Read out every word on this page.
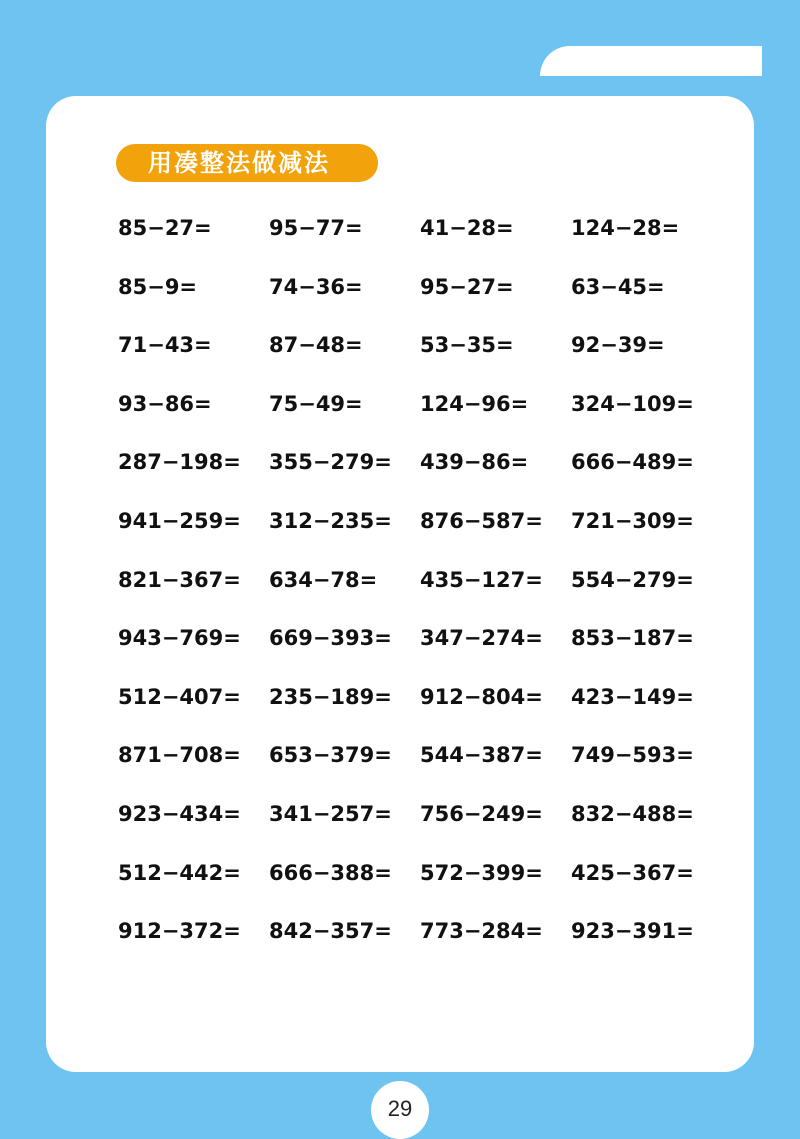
用凑整法做减法
85−27=	95−77=	41−28=	124−28=
85−9=	74−36=	95−27=	63−45=
71−43=	87−48=	53−35=	92−39=
93−86=	75−49=	124−96=	324−109=
287−198=	355−279=	439−86=	666−489=
941−259=	312−235=	876−587=	721−309=
821−367=	634−78=	435−127=	554−279=
943−769=	669−393=	347−274=	853−187=
512−407=	235−189=	912−804=	423−149=
871−708=	653−379=	544−387=	749−593=
923−434=	341−257=	756−249=	832−488=
512−442=	666−388=	572−399=	425−367=
912−372=	842−357=	773−284=	923−391=
29
